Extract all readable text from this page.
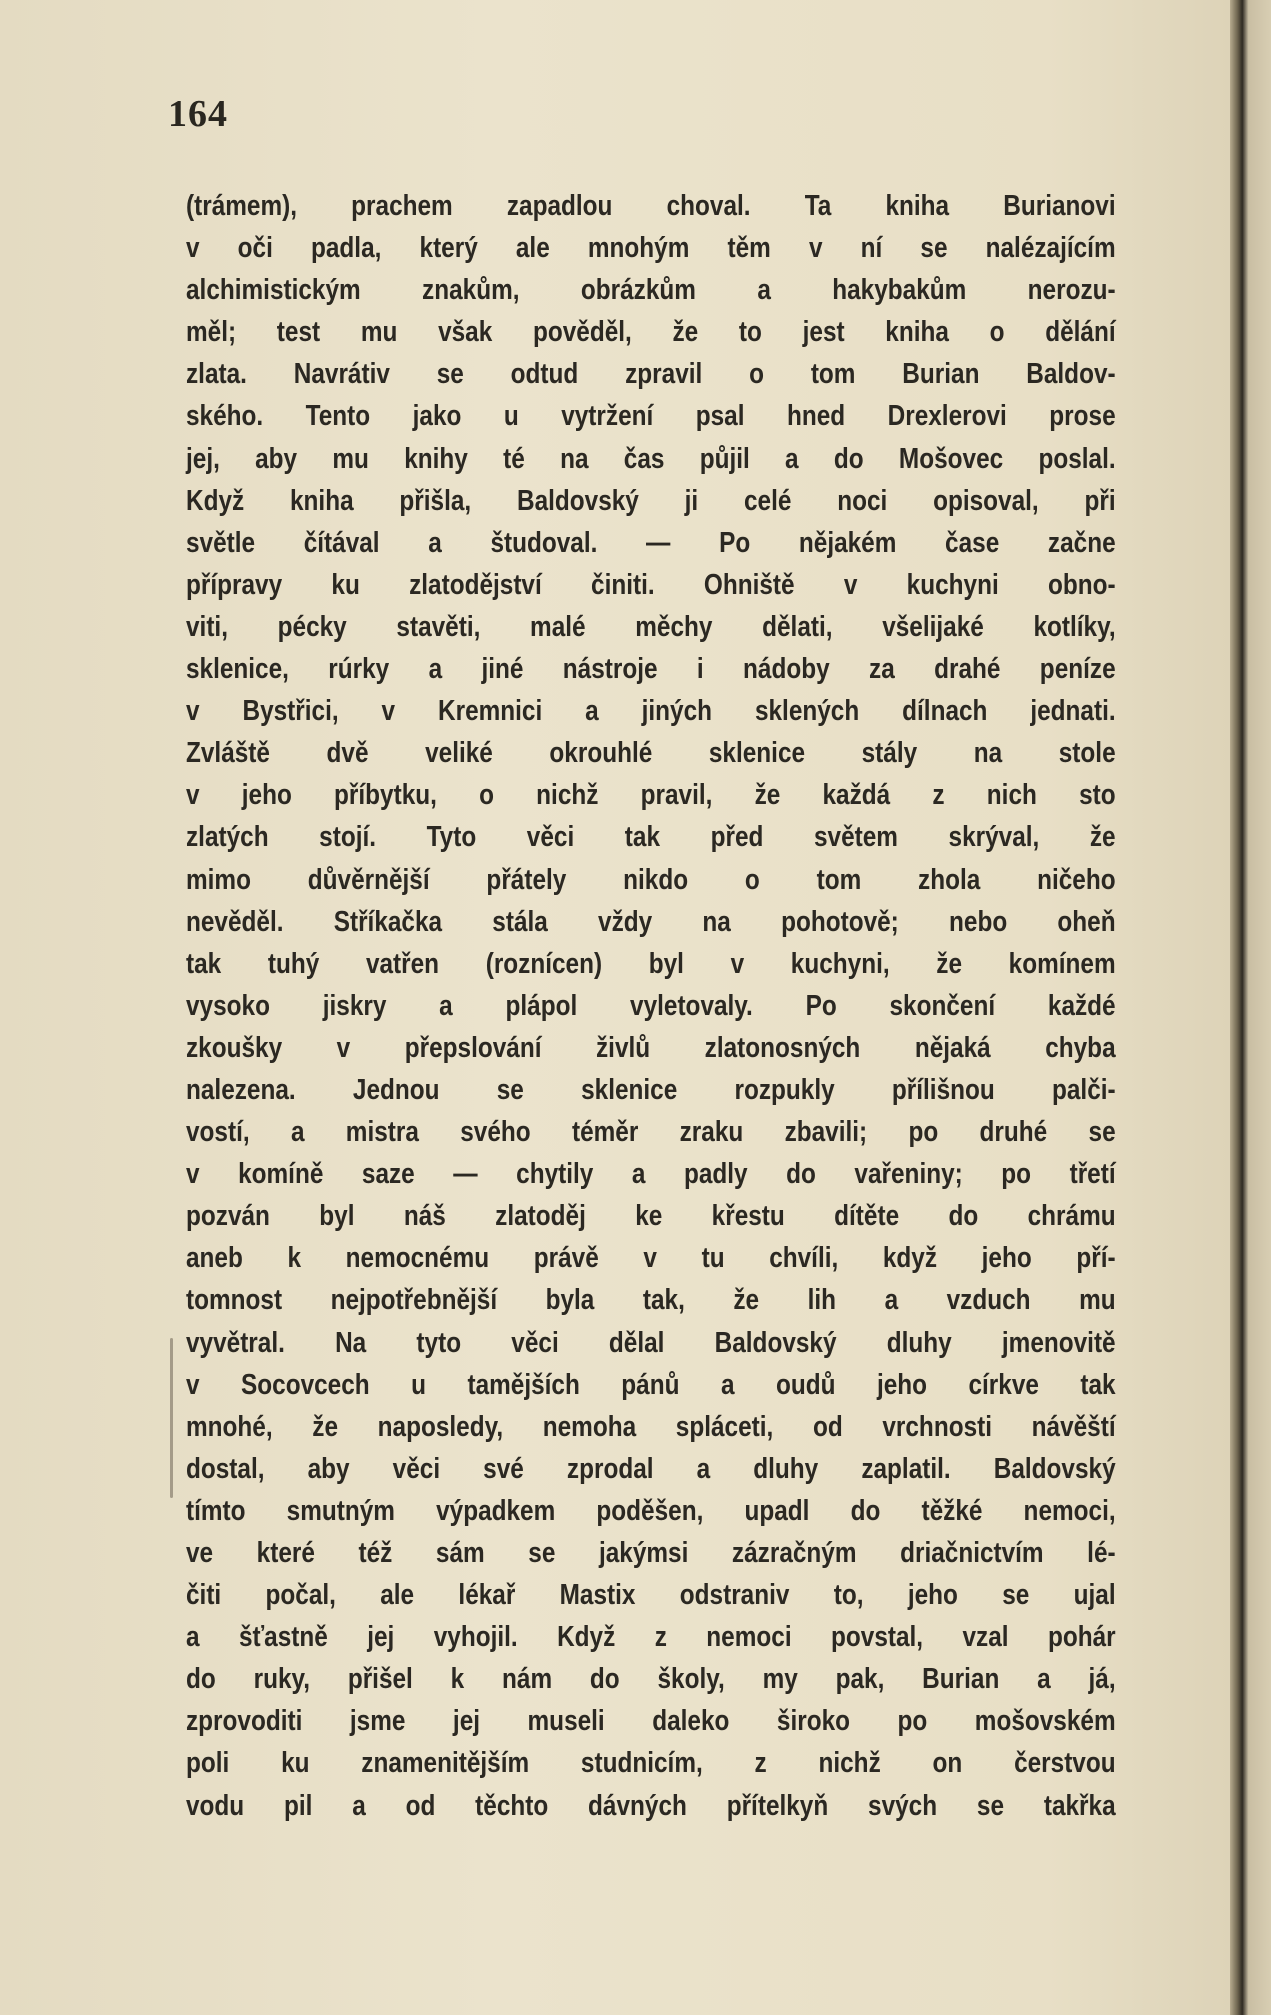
164
(trámem), prachem zapadlou choval. Ta kniha Burianovi
v oči padla, který ale mnohým těm v ní se nalézajícím
alchimistickým znakům, obrázkům a hakybakům nerozu-
měl; test mu však pověděl, že to jest kniha o dělání
zlata. Navrátiv se odtud zpravil o tom Burian Baldov-
ského. Tento jako u vytržení psal hned Drexlerovi prose
jej, aby mu knihy té na čas půjil a do Mošovec poslal.
Když kniha přišla, Baldovský ji celé noci opisoval, při
světle čítával a študoval. — Po nějakém čase začne
přípravy ku zlatodějství činiti. Ohniště v kuchyni obno-
viti, pécky stavěti, malé měchy dělati, všelijaké kotlíky,
sklenice, rúrky a jiné nástroje i nádoby za drahé peníze
v Bystřici, v Kremnici a jiných sklených dílnach jednati.
Zvláště dvě veliké okrouhlé sklenice stály na stole
v jeho příbytku, o nichž pravil, že každá z nich sto
zlatých stojí. Tyto věci tak před světem skrýval, že
mimo důvěrnější přátely nikdo o tom zhola ničeho
nevěděl. Stříkačka stála vždy na pohotově; nebo oheň
tak tuhý vatřen (roznícen) byl v kuchyni, že komínem
vysoko jiskry a plápol vyletovaly. Po skončení každé
zkoušky v přepslování živlů zlatonosných nějaká chyba
nalezena. Jednou se sklenice rozpukly přílišnou palči-
vostí, a mistra svého téměr zraku zbavili; po druhé se
v komíně saze — chytily a padly do vařeniny; po třetí
pozván byl náš zlatoděj ke křestu dítěte do chrámu
aneb k nemocnému právě v tu chvíli, když jeho pří-
tomnost nejpotřebnější byla tak, že lih a vzduch mu
vyvětral. Na tyto věci dělal Baldovský dluhy jmenovitě
v Socovcech u tamějších pánů a oudů jeho církve tak
mnohé, že naposledy, nemoha spláceti, od vrchnosti návěští
dostal, aby věci své zprodal a dluhy zaplatil. Baldovský
tímto smutným výpadkem poděšen, upadl do těžké nemoci,
ve které též sám se jakýmsi zázračným driačnictvím lé-
čiti počal, ale lékař Mastix odstraniv to, jeho se ujal
a šťastně jej vyhojil. Když z nemoci povstal, vzal pohár
do ruky, přišel k nám do školy, my pak, Burian a já,
zprovoditi jsme jej museli daleko široko po mošovském
poli ku znamenitějším studnicím, z nichž on čerstvou
vodu pil a od těchto dávných přítelkyň svých se takřka
